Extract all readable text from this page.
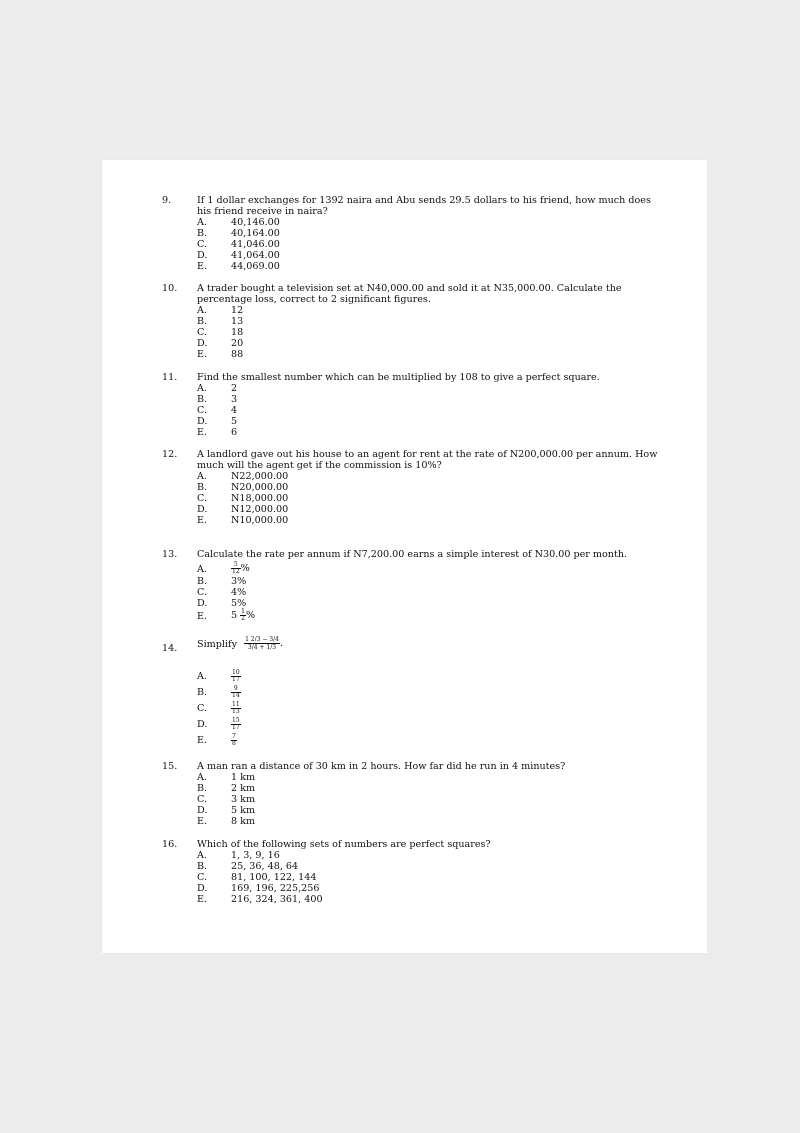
9.	If 1 dollar exchanges for 1392 naira and Abu sends 29.5 dollars to his friend, how much does his friend receive in naira?
A.	40,146.00
B. 40,164.00
C. 41,046.00
D. 41,064.00
E. 44,069.00
10. A trader bought a television set at N40,000.00 and sold it at N35,000.00. Calculate the percentage loss, correct to 2 significant figures.
A.	12
B. 13
C. 18
D. 20
E. 88
11. Find the smallest number which can be multiplied by 108 to give a perfect square.
A.	2
B. 3
C. 4
D. 5
E. 6
12. A landlord gave out his house to an agent for rent at the rate of N200,000.00 per annum. How much will the agent get if the commission is 10%?
A.	N22,000.00
B. N20,000.00
C. N18,000.00
D. N12,000.00
E. N10,000.00
13. Calculate the rate per annum if N7,200.00 earns a simple interest of N30.00 per month.
A.	$\frac{5}{12}$ %
B. 3%
C. 4%
D. 5%
E. $5 \frac{1}{2}$ %
14. Simplify $\frac{1 2/3 - 3/4}{3/4 + 1/3}$ .
A.	$\frac{10}{17}$
B.	$\frac{9}{14}$
C.	$\frac{11}{13}$
D.	$\frac{15}{17}$
E.	$\frac{7}{8}$
15. A man ran a distance of 30 km in 2 hours. How far did he run in 4 minutes?
A.	1 km
B. 2 km
C. 3 km
D. 5 km
E. 8 km
16. Which of the following sets of numbers are perfect squares?
A.	1, 3, 9, 16
B. 25, 36, 48, 64
C. 81, 100, 122, 144
D. 169, 196, 225,256
E. 216, 324, 361, 400
